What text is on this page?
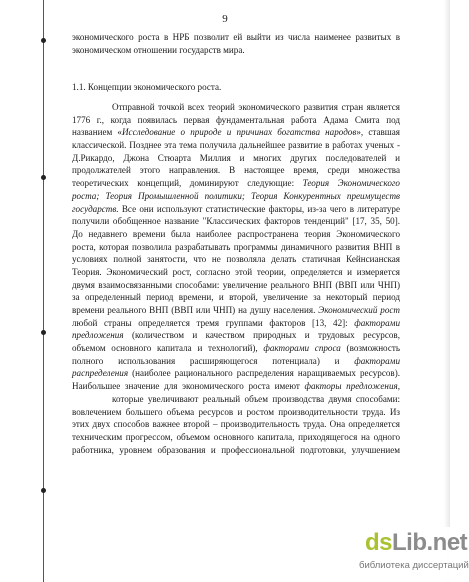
9
экономического роста в НРБ позволит ей выйти из числа наименее развитых в
экономическом отношении государств мира.
1.1. Концепции экономического роста.
Отправной точкой всех теорий экономического развития стран является
1776 г., когда появилась первая фундаментальная работа Адама Смита под
названием «Исследование о природе и причинах богатства народов», ставшая
классической. Позднее эта тема получила дальнейшее развитие в работах ученых -
Д.Рикардо, Джона Стюарта Миллия и многих других последователей и
продолжателей этого направления. В настоящее время, среди множества
теоретических концепций, доминируют следующие: Теория Экономического
роста; Теория Промышленной политики; Теория Конкурентных преимуществ
государств. Все они используют статистические факторы, из-за чего в литературе
получили обобщенное название "Классических факторов тенденций" [17, 35, 50].
До недавнего времени была наиболее распространена теория Экономического
роста, которая позволила разрабатывать программы динамичного развития ВНП в
условиях полной занятости, что не позволяла делать статичная Кейнсианская
Теория. Экономический рост, согласно этой теории, определяется и измеряется
двумя взаимосвязанными способами: увеличение реального ВНП (ВВП или ЧНП)
за определенный период времени, и второй, увеличение за некоторый период
времени реального ВНП (ВВП или ЧНП) на душу населения. Экономический рост
любой страны определяется тремя группами факторов [13, 42]: факторами
предложения (количеством и качеством природных и трудовых ресурсов,
объемом основного капитала и технологий), факторами спроса (возможность
полного использования расширяющегося потенциала) и факторами
распределения (наиболее рационального распределения наращиваемых ресурсов).
Наибольшее значение для экономического роста имеют факторы предложения,
которые увеличивают реальный объем производства двумя способами:
вовлечением большего объема ресурсов и ростом производительности труда. Из
этих двух способов важнее второй – производительность труда. Она определяется
техническим прогрессом, объемом основного капитала, приходящегося на одного
работника, уровнем образования и профессиональной подготовки, улучшением
dsLib.net
библиотека диссертаций
